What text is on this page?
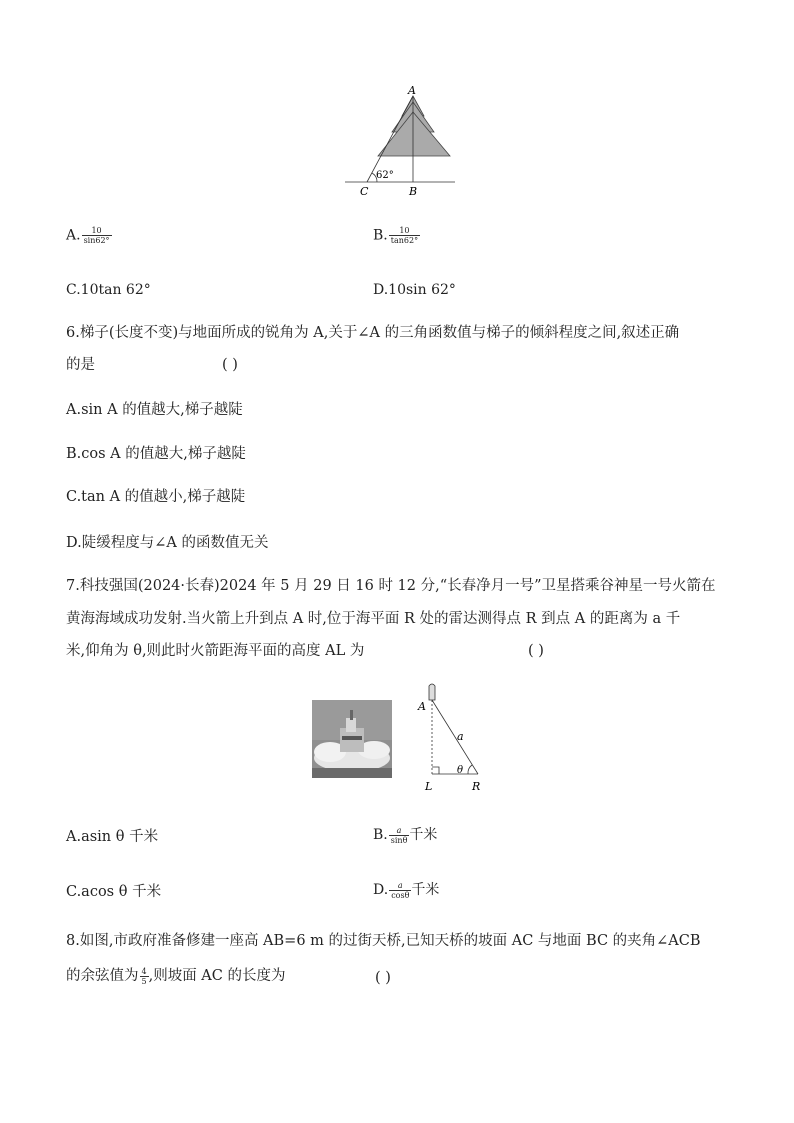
A
B
C
62°
A. $\frac{10}{\sin 62^\circ}$	B. $\frac{10}{\tan 62^\circ}$
C.10tan 62°	D.10sin 62°
6.梯子(长度不变)与地面所成的锐角为 A,关于∠A 的三角函数值与梯子的倾斜程度之间,叙述正确
的是	( )
A.sin A 的值越大,梯子越陡
B.cos A 的值越大,梯子越陡
C.tan A 的值越小,梯子越陡
D.陡缓程度与∠A 的函数值无关
7.科技强国(2024·长春)2024 年 5 月 29 日 16 时 12 分,“长春净月一号”卫星搭乘谷神星一号火箭在
黄海海域成功发射.当火箭上升到点 A 时,位于海平面 R 处的雷达测得点 R 到点 A 的距离为 a 千
米,仰角为 θ,则此时火箭距海平面的高度 AL 为	( )
A
L	R
a
θ
A.asin θ 千米	B. $\frac{a}{\sin\theta}$ 千米
C.acos θ 千米	D. $\frac{a}{\cos\theta}$ 千米
8.如图,市政府准备修建一座高 AB=6 m 的过街天桥,已知天桥的坡面 AC 与地面 BC 的夹角∠ACB
的余弦值为 $\frac{4}{5}$ ,则坡面 AC 的长度为	( )
